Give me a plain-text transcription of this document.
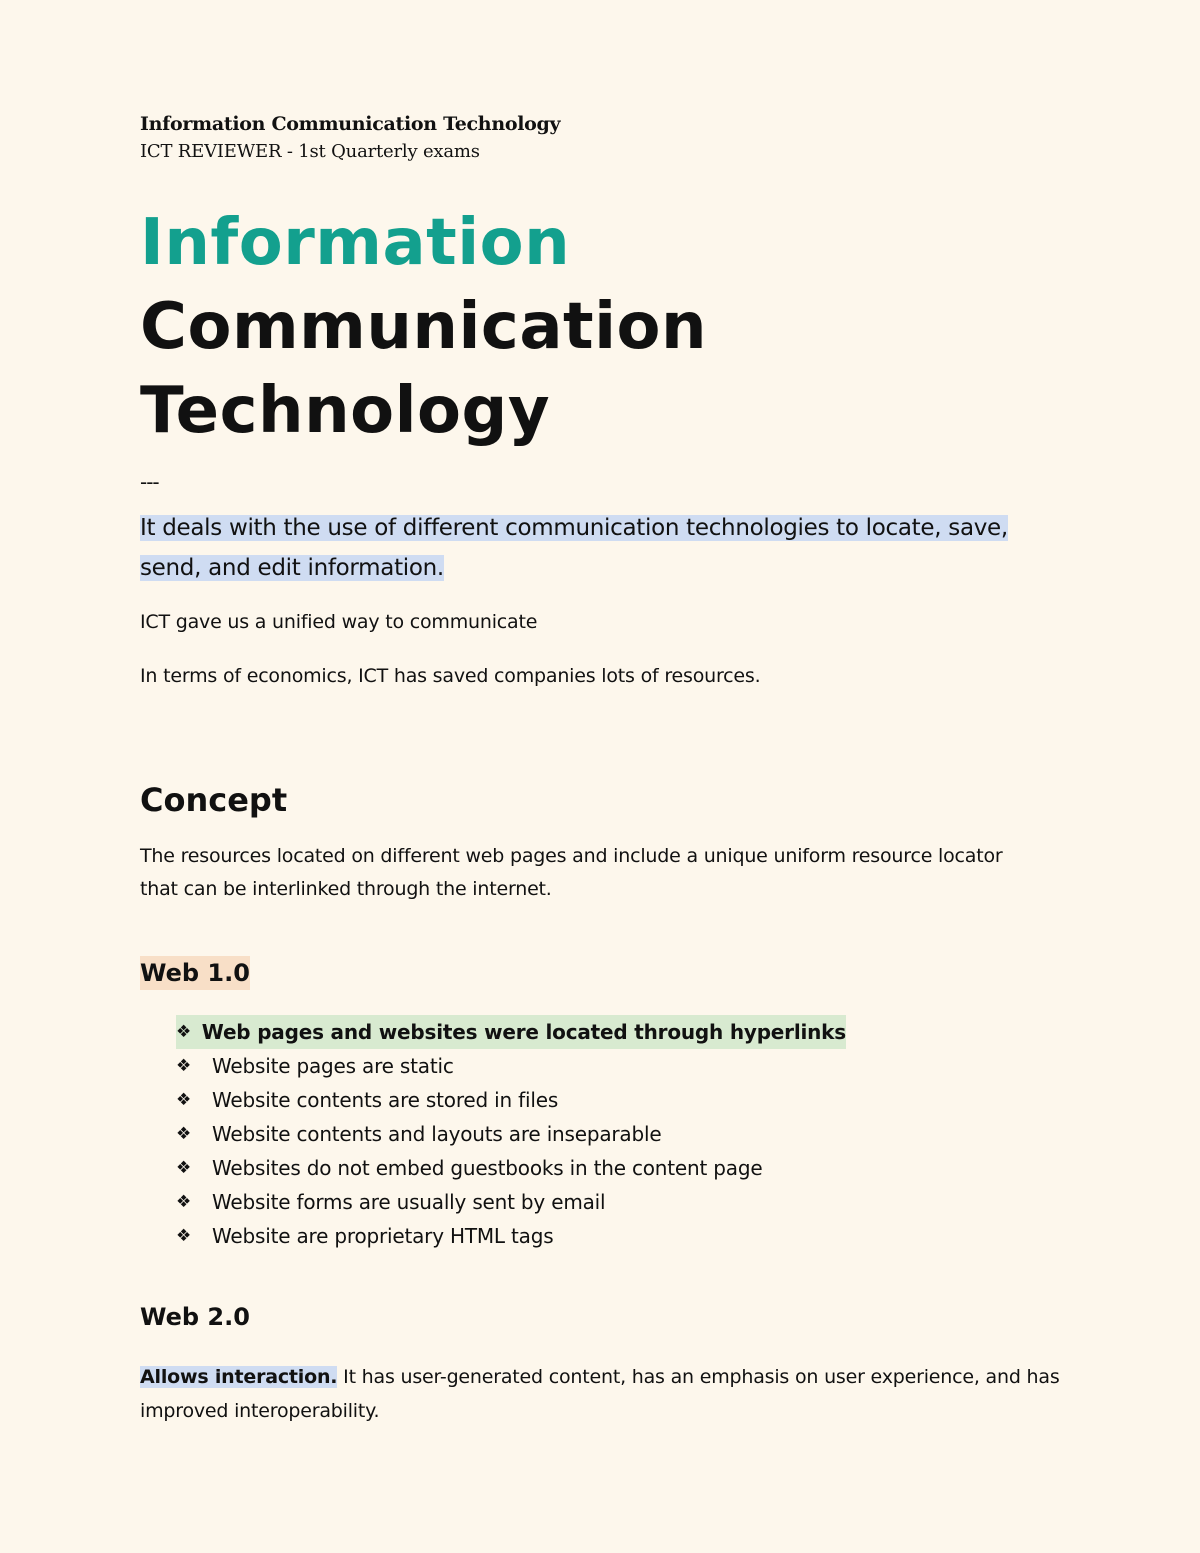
Information Communication Technology
ICT REVIEWER - 1st Quarterly exams
Information
Communication
Technology
---
It deals with the use of different communication technologies to locate, save, send, and edit information.
ICT gave us a unified way to communicate
In terms of economics, ICT has saved companies lots of resources.
Concept
The resources located on different web pages and include a unique uniform resource locator that can be interlinked through the internet.
Web 1.0
❖ Web pages and websites were located through hyperlinks
❖	Website pages are static
❖	Website contents are stored in files
❖	Website contents and layouts are inseparable
❖	Websites do not embed guestbooks in the content page
❖	Website forms are usually sent by email
❖	Website are proprietary HTML tags
Web 2.0
Allows interaction. It has user-generated content, has an emphasis on user experience, and has improved interoperability.
